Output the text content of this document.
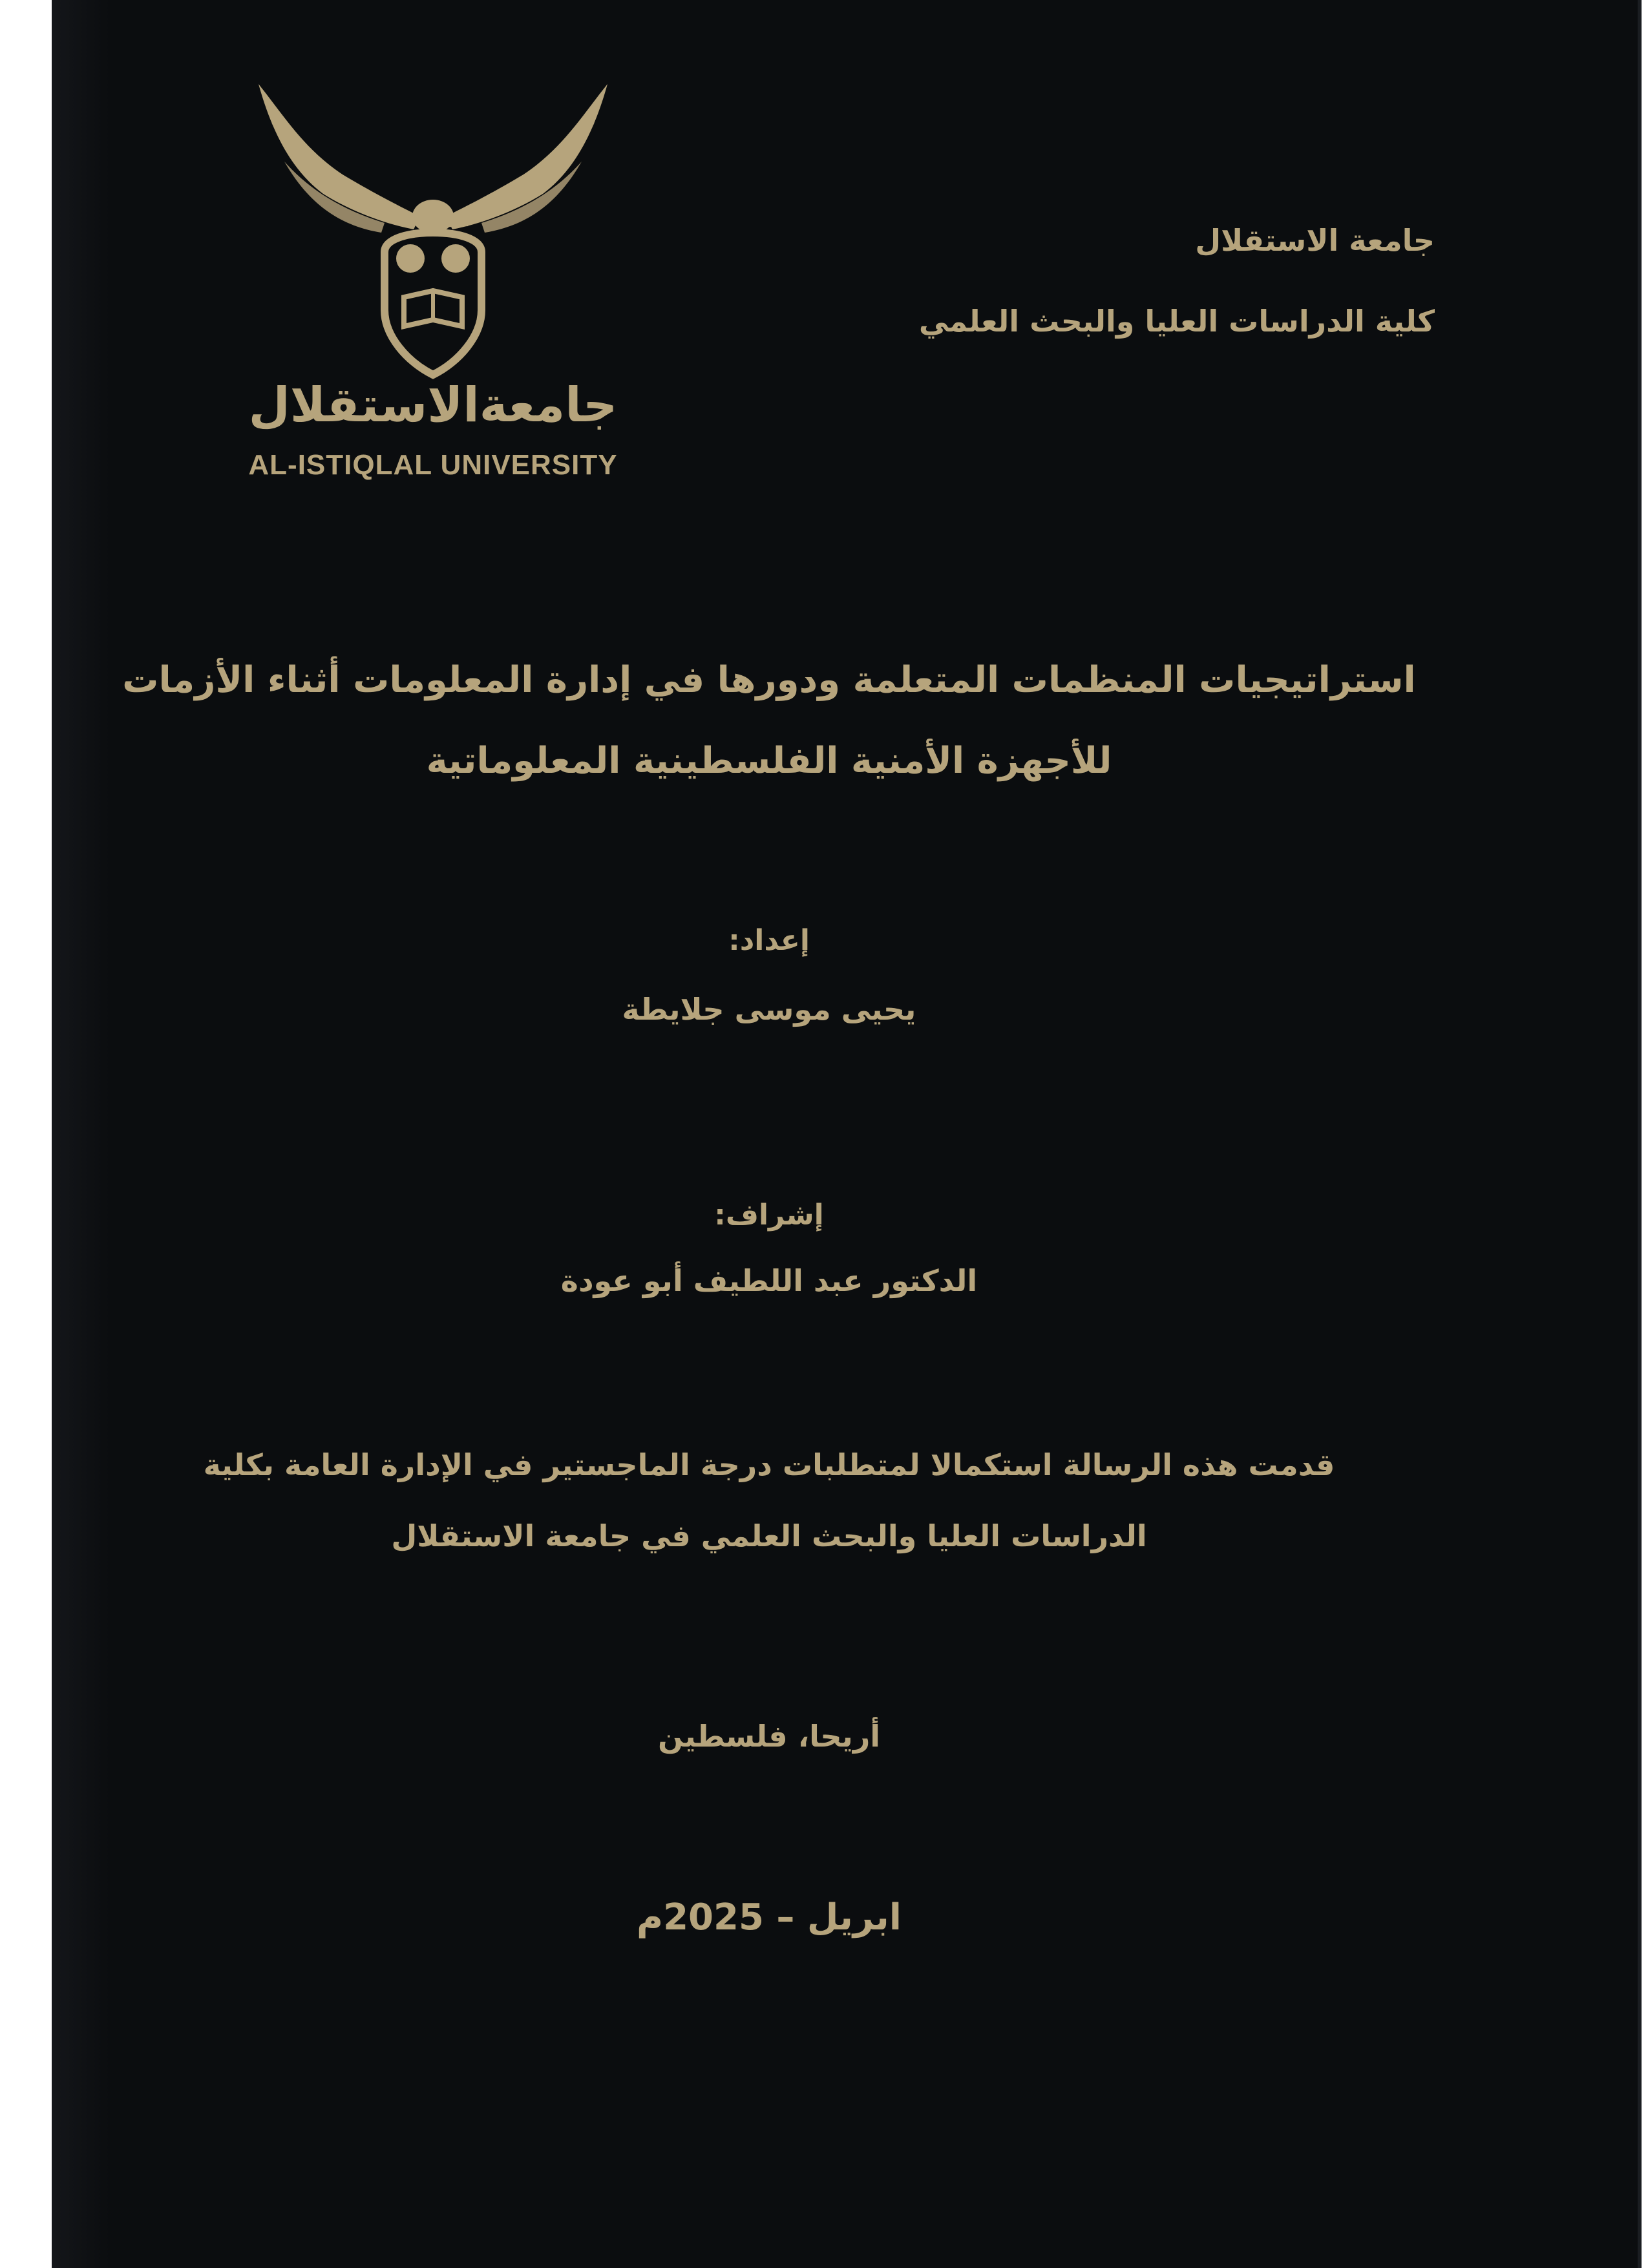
جامعةالاستقلال
AL-ISTIQLAL UNIVERSITY
جامعة الاستقلال
كلية الدراسات العليا والبحث العلمي
استراتيجيات المنظمات المتعلمة ودورها في إدارة المعلومات أثناء الأزمات
للأجهزة الأمنية الفلسطينية المعلوماتية
إعداد:
يحيى موسى جلايطة
إشراف:
الدكتور عبد اللطيف أبو عودة
قدمت هذه الرسالة استكمالا لمتطلبات درجة الماجستير في الإدارة العامة بكلية
الدراسات العليا والبحث العلمي في جامعة الاستقلال
أريحا، فلسطين
ابريل – 2025م
